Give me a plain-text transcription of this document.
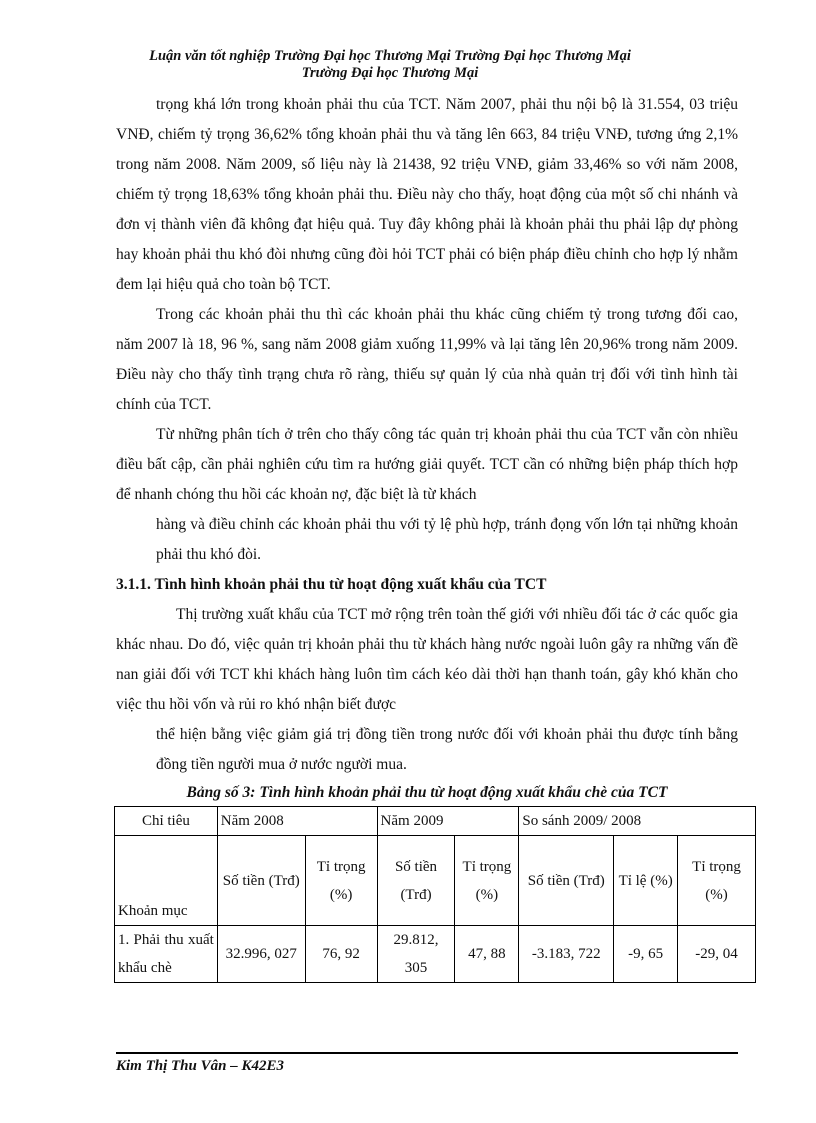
Luận văn tốt nghiệp Trường Đại học Thương Mại Trường Đại học Thương Mại
Trường Đại học Thương Mại

trọng khá lớn trong khoản phải thu của TCT. Năm 2007, phải thu nội bộ là 31.554, 03 triệu VNĐ, chiếm tỷ trọng 36,62% tổng khoản phải thu và tăng lên 663, 84 triệu VNĐ, tương ứng 2,1% trong năm 2008. Năm 2009, số liệu này là 21438, 92 triệu VNĐ, giảm 33,46% so với năm 2008, chiếm tỷ trọng 18,63% tổng khoản phải thu. Điều này cho thấy, hoạt động của một số chi nhánh và đơn vị thành viên đã không đạt hiệu quả. Tuy đây không phải là khoản phải thu phải lập dự phòng hay khoản phải thu khó đòi nhưng cũng đòi hỏi TCT phải có biện pháp điều chỉnh cho hợp lý nhằm đem lại hiệu quả cho toàn bộ TCT.

Trong các khoản phải thu thì các khoản phải thu khác cũng chiếm tỷ trong tương đối cao, năm 2007 là 18, 96 %, sang năm 2008 giảm xuống 11,99% và lại tăng lên 20,96% trong năm 2009. Điều này cho thấy tình trạng chưa rõ ràng, thiếu sự quản lý của nhà quản trị đối với tình hình tài chính của TCT.

Từ những phân tích ở trên cho thấy công tác quản trị khoản phải thu của TCT vẫn còn nhiều điều bất cập, cần phải nghiên cứu tìm ra hướng giải quyết. TCT cần có những biện pháp thích hợp để nhanh chóng thu hồi các khoản nợ, đặc biệt là từ khách

hàng và điều chỉnh các khoản phải thu với tỷ lệ phù hợp, tránh đọng vốn lớn tại những khoản phải thu khó đòi.

3.1.1. Tình hình khoản phải thu từ hoạt động xuất khẩu của TCT

Thị trường xuất khẩu của TCT mở rộng trên toàn thế giới với nhiều đối tác ở các quốc gia khác nhau. Do đó, việc quản trị khoản phải thu từ khách hàng nước ngoài luôn gây ra những vấn đề nan giải đối với TCT khi khách hàng luôn tìm cách kéo dài thời hạn thanh toán, gây khó khăn cho việc thu hồi vốn và rủi ro khó nhận biết được

thể hiện bằng việc giảm giá trị đồng tiền trong nước đối với khoản phải thu được tính bằng đồng tiền người mua ở nước người mua.

Bảng số 3: Tình hình khoản phải thu từ hoạt động xuất khẩu chè của TCT

Chỉ tiêu	Năm 2008		Năm 2009		So sánh 2009/ 2008		
Khoản mục	Số tiền (Trđ)	Tỉ trọng (%)	Số tiền (Trđ)	Tỉ trọng (%)	Số tiền (Trđ)	Tỉ lệ (%)	Tỉ trọng (%)
1. Phải thu xuất khẩu chè	32.996, 027	76, 92	29.812, 305	47, 88	-3.183, 722	-9, 65	-29, 04
Kim Thị Thu Vân – K42E3
